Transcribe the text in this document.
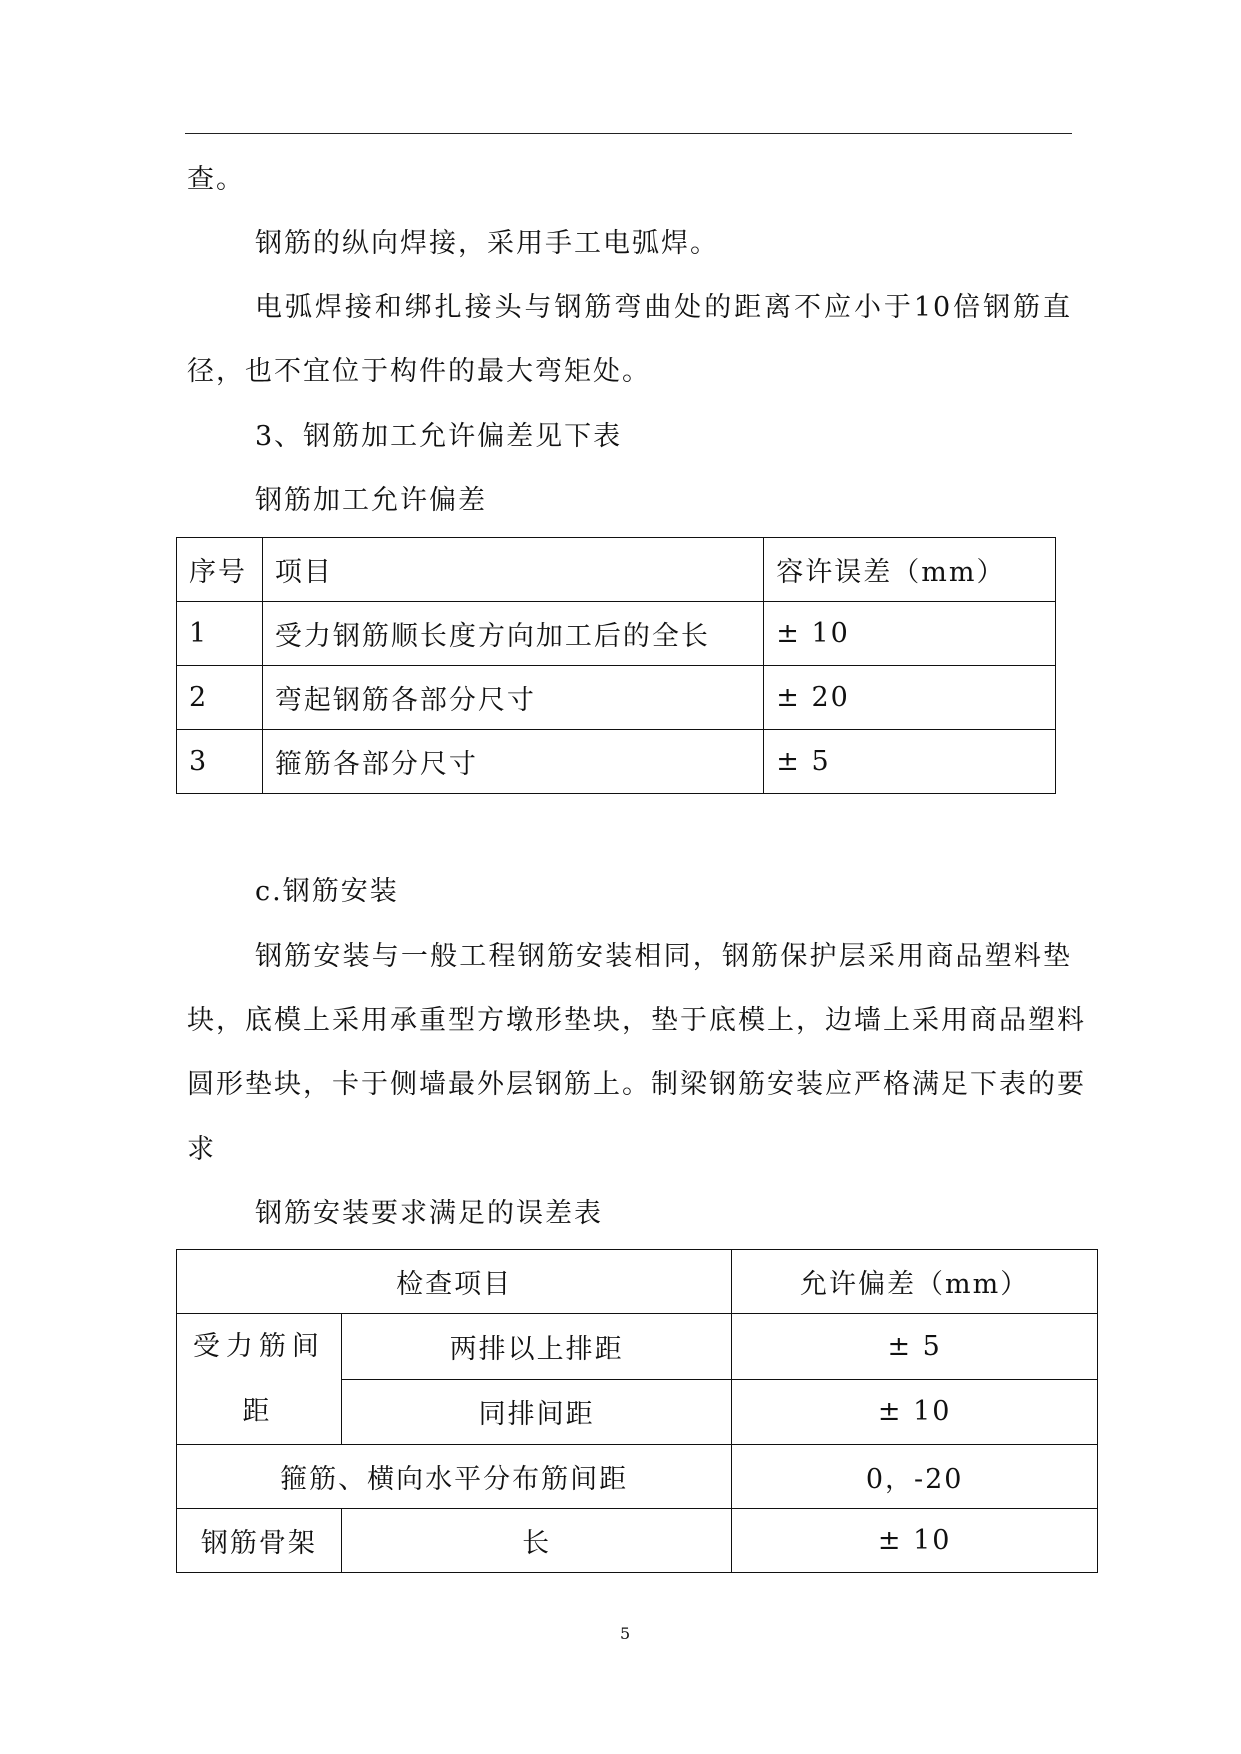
查。
钢筋的纵向焊接，采用手工电弧焊。
电弧焊接和绑扎接头与钢筋弯曲处的距离不应小于10倍钢筋直
径，也不宜位于构件的最大弯矩处。
3、钢筋加工允许偏差见下表
钢筋加工允许偏差
序号	项目	容许误差（mm）
1	受力钢筋顺长度方向加工后的全长	± 10
2	弯起钢筋各部分尺寸	± 20
3	箍筋各部分尺寸	± 5
c.钢筋安装
钢筋安装与一般工程钢筋安装相同，钢筋保护层采用商品塑料垫
块，底模上采用承重型方墩形垫块，垫于底模上，边墙上采用商品塑料
圆形垫块，卡于侧墙最外层钢筋上。制梁钢筋安装应严格满足下表的要
求
钢筋安装要求满足的误差表
检查项目		允许偏差（mm）
受力筋间距	两排以上排距	± 5
	同排间距	± 10
箍筋、横向水平分布筋间距		0，-20
钢筋骨架	长	± 10
5
